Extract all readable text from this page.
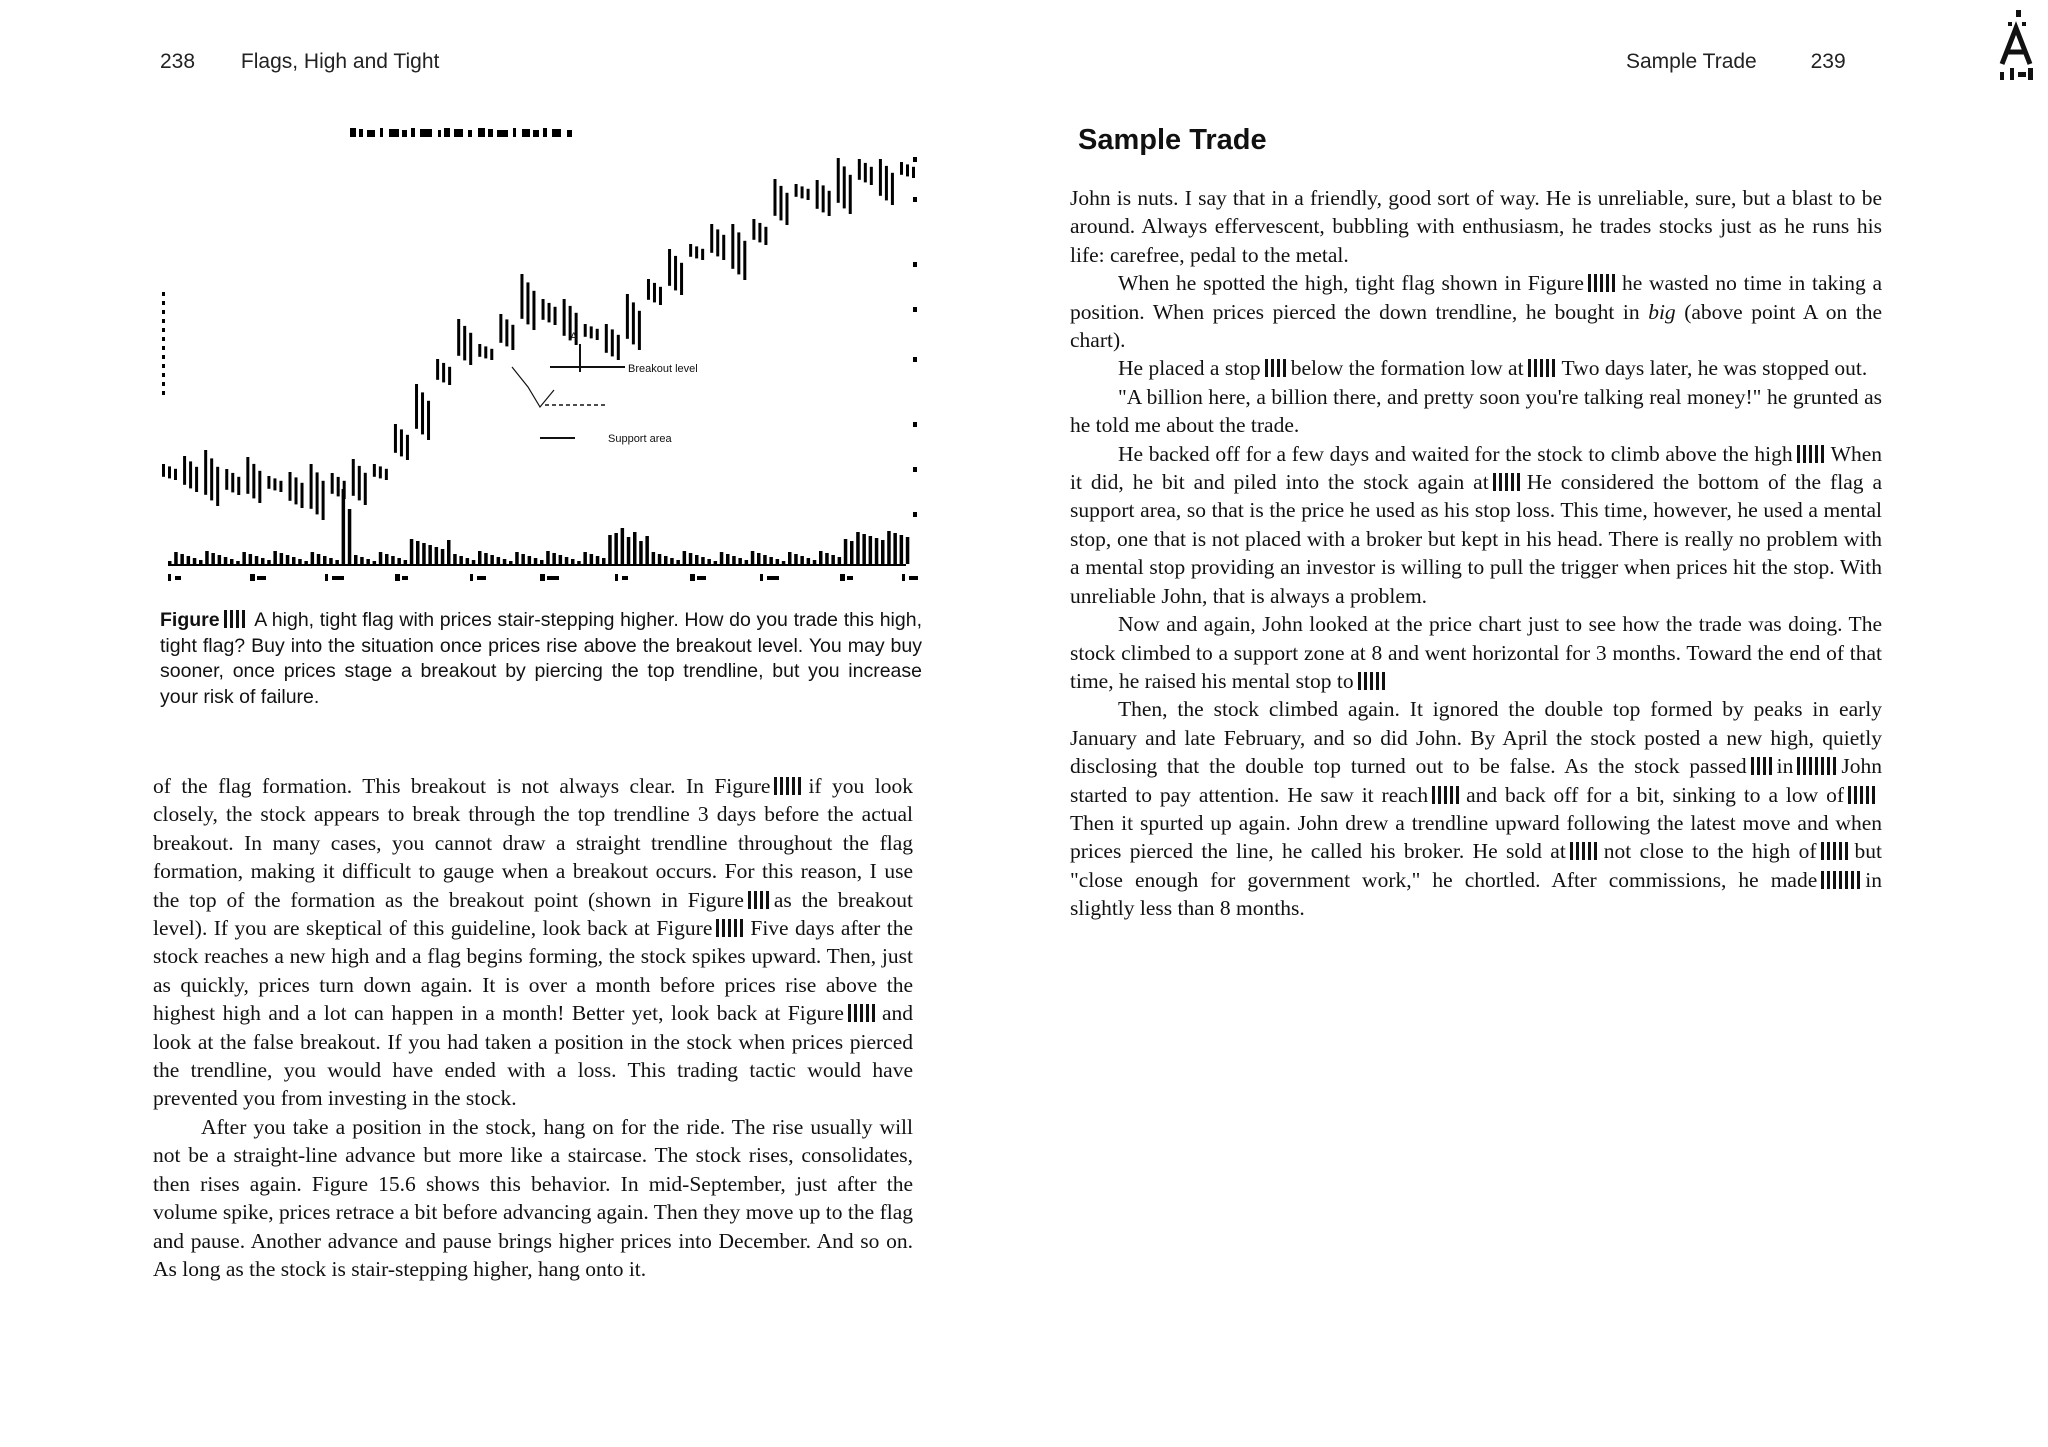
238 Flags, High and Tight
Breakout level
A
Support area
Figure A high, tight flag with prices stair-stepping higher. How do you trade this high, tight flag? Buy into the situation once prices rise above the breakout level. You may buy sooner, once prices stage a breakout by piercing the top trendline, but you increase your risk of failure.

of the flag formation. This breakout is not always clear. In Figure if you look closely, the stock appears to break through the top trendline 3 days before the actual breakout. In many cases, you cannot draw a straight trendline throughout the flag formation, making it difficult to gauge when a breakout occurs. For this reason, I use the top of the formation as the breakout point (shown in Figure as the breakout level). If you are skeptical of this guideline, look back at Figure Five days after the stock reaches a new high and a flag begins forming, the stock spikes upward. Then, just as quickly, prices turn down again. It is over a month before prices rise above the highest high and a lot can happen in a month! Better yet, look back at Figure and look at the false breakout. If you had taken a position in the stock when prices pierced the trendline, you would have ended with a loss. This trading tactic would have prevented you from investing in the stock.

After you take a position in the stock, hang on for the ride. The rise usually will not be a straight-line advance but more like a staircase. The stock rises, consolidates, then rises again. Figure 15.6 shows this behavior. In mid-September, just after the volume spike, prices retrace a bit before advancing again. Then they move up to the flag and pause. Another advance and pause brings higher prices into December. And so on. As long as the stock is stair-stepping higher, hang onto it.

Sample Trade	239
Sample Trade

John is nuts. I say that in a friendly, good sort of way. He is unreliable, sure, but a blast to be around. Always effervescent, bubbling with enthusiasm, he trades stocks just as he runs his life: carefree, pedal to the metal.

When he spotted the high, tight flag shown in Figure he wasted no time in taking a position. When prices pierced the down trendline, he bought in big (above point A on the chart).

He placed a stop below the formation low at Two days later, he was stopped out.

"A billion here, a billion there, and pretty soon you're talking real money!" he grunted as he told me about the trade.

He backed off for a few days and waited for the stock to climb above the high When it did, he bit and piled into the stock again at He considered the bottom of the flag a support area, so that is the price he used as his stop loss. This time, however, he used a mental stop, one that is not placed with a broker but kept in his head. There is really no problem with a mental stop providing an investor is willing to pull the trigger when prices hit the stop. With unreliable John, that is always a problem.

Now and again, John looked at the price chart just to see how the trade was doing. The stock climbed to a support zone at 8 and went horizontal for 3 months. Toward the end of that time, he raised his mental stop to

Then, the stock climbed again. It ignored the double top formed by peaks in early January and late February, and so did John. By April the stock posted a new high, quietly disclosing that the double top turned out to be false. As the stock passed in John started to pay attention. He saw it reach and back off for a bit, sinking to a low ofThen it spurted up again. John drew a trendline upward following the latest move and when prices pierced the line, he called his broker. He sold at not close to the high of but "close enough for government work," he chortled. After commissions, he made in slightly less than 8 months.
